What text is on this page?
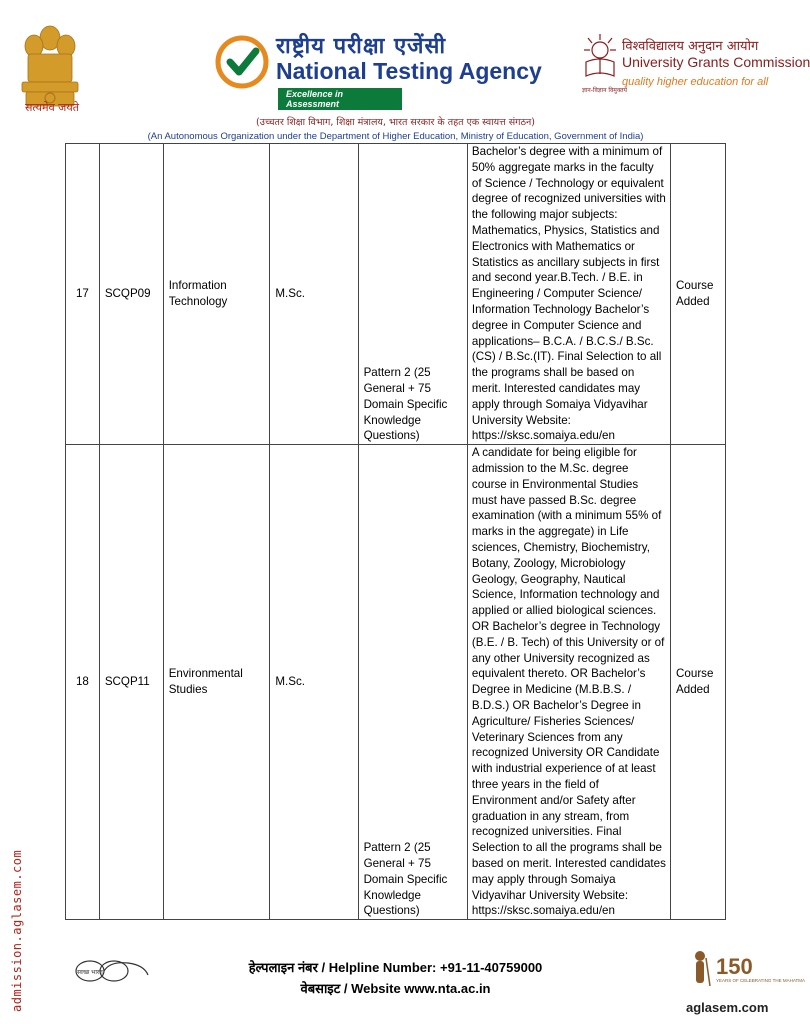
सत्यमेव जयते
राष्ट्रीय परीक्षा एजेंसी
National Testing Agency
Excellence in Assessment
विश्वविद्यालय अनुदान आयोग
University Grants Commission
quality higher education for all
ज्ञान-विज्ञान विमुक्तये
(उच्चतर शिक्षा विभाग, शिक्षा मंत्रालय, भारत सरकार के तहत एक स्वायत्त संगठन)
(An Autonomous Organization under the Department of Higher Education, Ministry of Education, Government of India)
17	SCQP09	Information Technology	M.Sc.	Pattern 2 (25 General + 75 Domain Specific Knowledge Questions)	Bachelor’s degree with a minimum of 50% aggregate marks in the faculty of Science / Technology or equivalent degree of recognized universities with the following major subjects: Mathematics, Physics, Statistics and Electronics with Mathematics or Statistics as ancillary subjects in first and second year.B.Tech. / B.E. in Engineering / Computer Science/ Information Technology Bachelor’s degree in Computer Science and applications– B.C.A. / B.C.S./ B.Sc. (CS) / B.Sc.(IT). Final Selection to all the programs shall be based on merit. Interested candidates may apply through Somaiya Vidyavihar University Website: https://sksc.somaiya.edu/en	Course Added
18	SCQP11	Environmental Studies	M.Sc.	Pattern 2 (25 General + 75 Domain Specific Knowledge Questions)	A candidate for being eligible for admission to the M.Sc. degree course in Environmental Studies must have passed B.Sc. degree examination (with a minimum 55% of marks in the aggregate) in Life sciences, Chemistry, Biochemistry, Botany, Zoology, Microbiology Geology, Geography, Nautical Science, Information technology and applied or allied biological sciences. OR Bachelor’s degree in Technology (B.E. / B. Tech) of this University or of any other University recognized as equivalent thereto. OR Bachelor’s Degree in Medicine (M.B.B.S. / B.D.S.) OR Bachelor’s Degree in Agriculture/ Fisheries Sciences/ Veterinary Sciences from any recognized University OR Candidate with industrial experience of at least three years in the field of Environment and/or Safety after graduation in any stream, from recognized universities. Final Selection to all the programs shall be based on merit. Interested candidates may apply through Somaiya Vidyavihar University Website: https://sksc.somaiya.edu/en	Course Added
admission.aglasem.com	स्वच्छ भारत	हेल्पलाइन नंबर / Helpline Number: +91-11-40759000
वेबसाइट / Website www.nta.ac.in
150
YEARS OF CELEBRATING THE MAHATMA
aglasem.com
